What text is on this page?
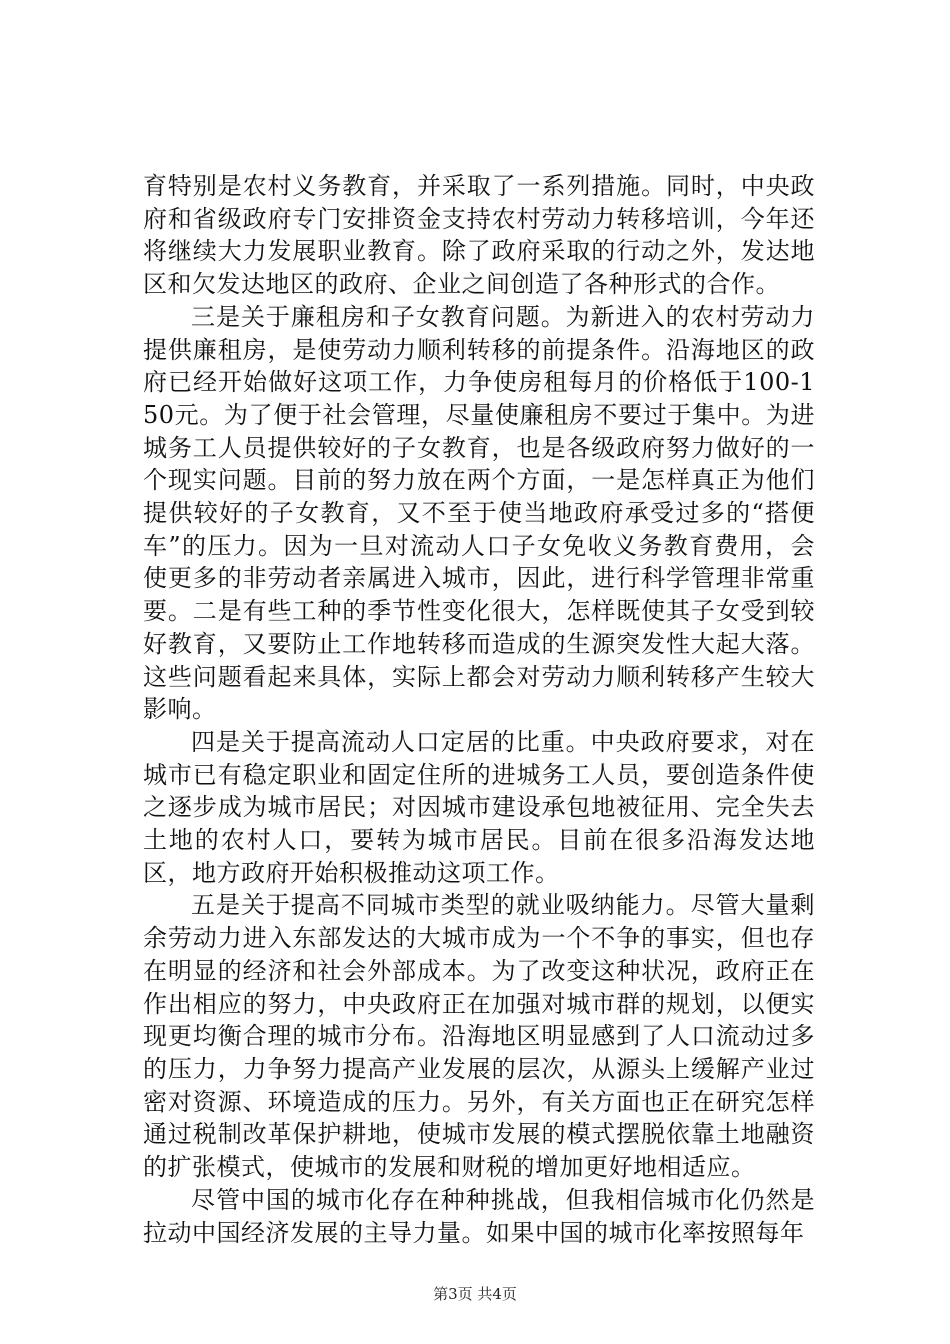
育特别是农村义务教育，并采取了一系列措施。同时，中央政府和省级政府专门安排资金支持农村劳动力转移培训，今年还将继续大力发展职业教育。除了政府采取的行动之外，发达地区和欠发达地区的政府、企业之间创造了各种形式的合作。

三是关于廉租房和子女教育问题。为新进入的农村劳动力提供廉租房，是使劳动力顺利转移的前提条件。沿海地区的政府已经开始做好这项工作，力争使房租每月的价格低于100-150元。为了便于社会管理，尽量使廉租房不要过于集中。为进城务工人员提供较好的子女教育，也是各级政府努力做好的一个现实问题。目前的努力放在两个方面，一是怎样真正为他们提供较好的子女教育，又不至于使当地政府承受过多的“搭便车”的压力。因为一旦对流动人口子女免收义务教育费用，会使更多的非劳动者亲属进入城市，因此，进行科学管理非常重要。二是有些工种的季节性变化很大，怎样既使其子女受到较好教育，又要防止工作地转移而造成的生源突发性大起大落。这些问题看起来具体，实际上都会对劳动力顺利转移产生较大影响。

四是关于提高流动人口定居的比重。中央政府要求，对在城市已有稳定职业和固定住所的进城务工人员，要创造条件使之逐步成为城市居民；对因城市建设承包地被征用、完全失去土地的农村人口，要转为城市居民。目前在很多沿海发达地区，地方政府开始积极推动这项工作。

五是关于提高不同城市类型的就业吸纳能力。尽管大量剩余劳动力进入东部发达的大城市成为一个不争的事实，但也存在明显的经济和社会外部成本。为了改变这种状况，政府正在作出相应的努力，中央政府正在加强对城市群的规划，以便实现更均衡合理的城市分布。沿海地区明显感到了人口流动过多的压力，力争努力提高产业发展的层次，从源头上缓解产业过密对资源、环境造成的压力。另外，有关方面也正在研究怎样通过税制改革保护耕地，使城市发展的模式摆脱依靠土地融资的扩张模式，使城市的发展和财税的增加更好地相适应。

尽管中国的城市化存在种种挑战，但我相信城市化仍然是拉动中国经济发展的主导力量。如果中国的城市化率按照每年

第3页 共4页
